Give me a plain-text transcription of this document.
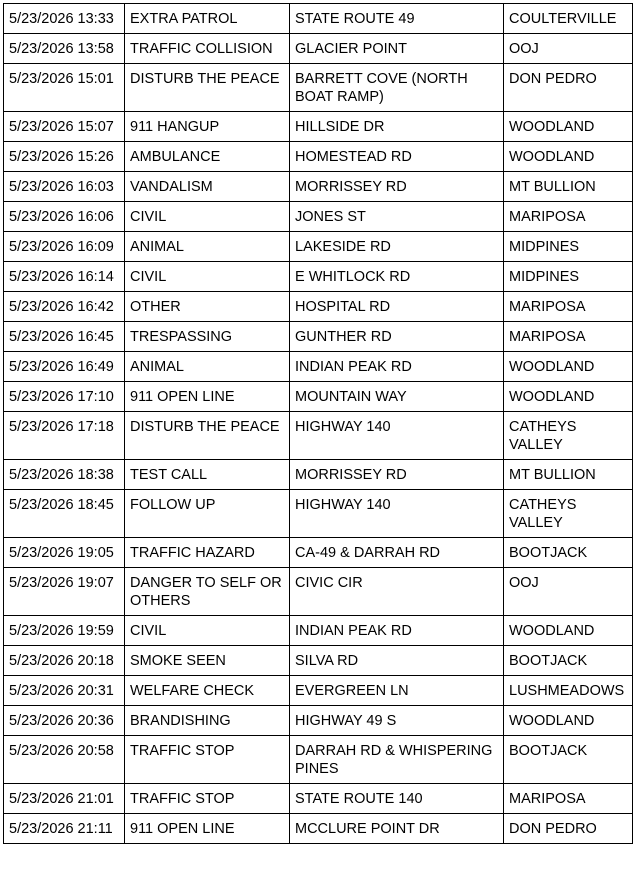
5/23/2026 13:33	EXTRA PATROL	STATE ROUTE 49	COULTERVILLE
5/23/2026 13:58	TRAFFIC COLLISION	GLACIER POINT	OOJ
5/23/2026 15:01	DISTURB THE PEACE	BARRETT COVE (NORTH BOAT RAMP)	DON PEDRO
5/23/2026 15:07	911 HANGUP	HILLSIDE DR	WOODLAND
5/23/2026 15:26	AMBULANCE	HOMESTEAD RD	WOODLAND
5/23/2026 16:03	VANDALISM	MORRISSEY RD	MT BULLION
5/23/2026 16:06	CIVIL	JONES ST	MARIPOSA
5/23/2026 16:09	ANIMAL	LAKESIDE RD	MIDPINES
5/23/2026 16:14	CIVIL	E WHITLOCK RD	MIDPINES
5/23/2026 16:42	OTHER	HOSPITAL RD	MARIPOSA
5/23/2026 16:45	TRESPASSING	GUNTHER RD	MARIPOSA
5/23/2026 16:49	ANIMAL	INDIAN PEAK RD	WOODLAND
5/23/2026 17:10	911 OPEN LINE	MOUNTAIN WAY	WOODLAND
5/23/2026 17:18	DISTURB THE PEACE	HIGHWAY 140	CATHEYS VALLEY
5/23/2026 18:38	TEST CALL	MORRISSEY RD	MT BULLION
5/23/2026 18:45	FOLLOW UP	HIGHWAY 140	CATHEYS VALLEY
5/23/2026 19:05	TRAFFIC HAZARD	CA-49 & DARRAH RD	BOOTJACK
5/23/2026 19:07	DANGER TO SELF OR OTHERS	CIVIC CIR	OOJ
5/23/2026 19:59	CIVIL	INDIAN PEAK RD	WOODLAND
5/23/2026 20:18	SMOKE SEEN	SILVA RD	BOOTJACK
5/23/2026 20:31	WELFARE CHECK	EVERGREEN LN	LUSHMEADOWS
5/23/2026 20:36	BRANDISHING	HIGHWAY 49 S	WOODLAND
5/23/2026 20:58	TRAFFIC STOP	DARRAH RD & WHISPERING PINES	BOOTJACK
5/23/2026 21:01	TRAFFIC STOP	STATE ROUTE 140	MARIPOSA
5/23/2026 21:11	911 OPEN LINE	MCCLURE POINT DR	DON PEDRO
